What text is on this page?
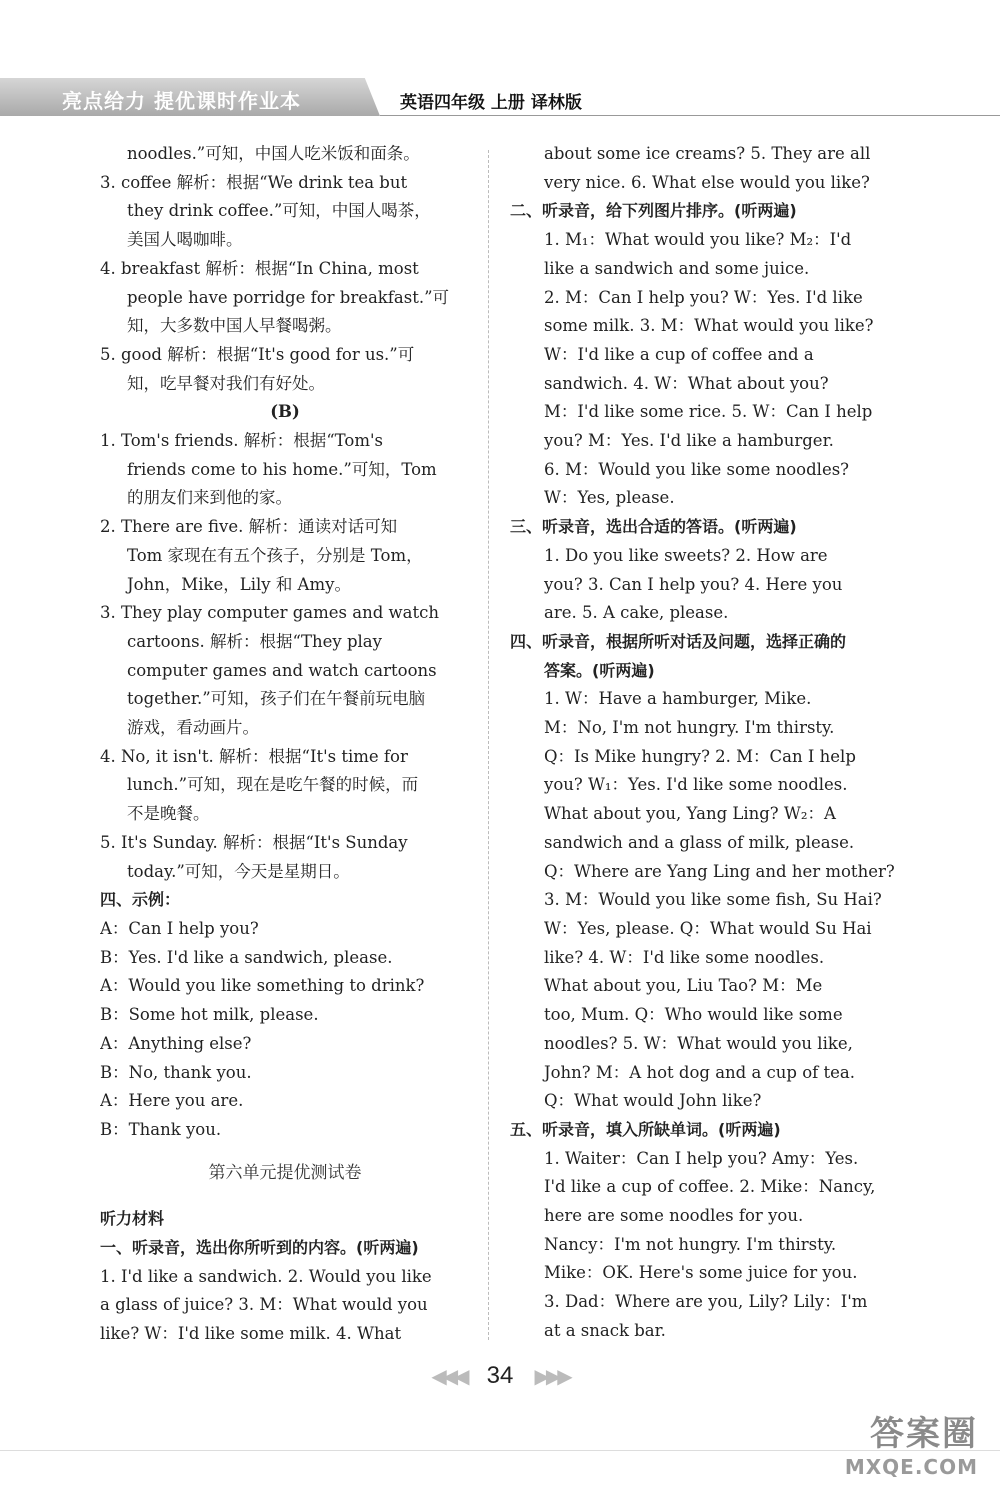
亮点给力 提优课时作业本	英语四年级 上册 译林版
noodles.”可知，中国人吃米饭和面条。
3. coffee 解析：根据“We drink tea but
they drink coffee.”可知，中国人喝茶，
美国人喝咖啡。
4. breakfast 解析：根据“In China, most
people have porridge for breakfast.”可
知，大多数中国人早餐喝粥。
5. good 解析：根据“It's good for us.”可
知，吃早餐对我们有好处。
(B)
1. Tom's friends. 解析：根据“Tom's
friends come to his home.”可知，Tom
的朋友们来到他的家。
2. There are five. 解析：通读对话可知
Tom 家现在有五个孩子，分别是 Tom，
John，Mike，Lily 和 Amy。
3. They play computer games and watch
cartoons. 解析：根据“They play
computer games and watch cartoons
together.”可知，孩子们在午餐前玩电脑
游戏，看动画片。
4. No, it isn't. 解析：根据“It's time for
lunch.”可知，现在是吃午餐的时候，而
不是晚餐。
5. It's Sunday. 解析：根据“It's Sunday
today.”可知，今天是星期日。
四、示例：
A：Can I help you?
B：Yes. I'd like a sandwich, please.
A：Would you like something to drink?
B：Some hot milk, please.
A：Anything else?
B：No, thank you.
A：Here you are.
B：Thank you.
第六单元提优测试卷
听力材料
一、听录音，选出你所听到的内容。(听两遍)
1. I'd like a sandwich. 2. Would you like
a glass of juice? 3. M：What would you
like? W：I'd like some milk. 4. What
about some ice creams? 5. They are all
very nice. 6. What else would you like?
二、听录音，给下列图片排序。(听两遍)
1. M₁：What would you like? M₂：I'd
like a sandwich and some juice.
2. M：Can I help you? W：Yes. I'd like
some milk. 3. M：What would you like?
W：I'd like a cup of coffee and a
sandwich. 4. W：What about you?
M：I'd like some rice. 5. W：Can I help
you? M：Yes. I'd like a hamburger.
6. M：Would you like some noodles?
W：Yes, please.
三、听录音，选出合适的答语。(听两遍)
1. Do you like sweets? 2. How are
you? 3. Can I help you? 4. Here you
are. 5. A cake, please.
四、听录音，根据所听对话及问题，选择正确的
答案。(听两遍)
1. W：Have a hamburger, Mike.
M：No, I'm not hungry. I'm thirsty.
Q：Is Mike hungry? 2. M：Can I help
you? W₁：Yes. I'd like some noodles.
What about you, Yang Ling? W₂：A
sandwich and a glass of milk, please.
Q：Where are Yang Ling and her mother?
3. M：Would you like some fish, Su Hai?
W：Yes, please. Q：What would Su Hai
like? 4. W：I'd like some noodles.
What about you, Liu Tao? M：Me
too, Mum. Q：Who would like some
noodles? 5. W：What would you like,
John? M：A hot dog and a cup of tea.
Q：What would John like?
五、听录音，填入所缺单词。(听两遍)
1. Waiter：Can I help you? Amy：Yes.
I'd like a cup of coffee. 2. Mike：Nancy,
here are some noodles for you.
Nancy：I'm not hungry. I'm thirsty.
Mike：OK. Here's some juice for you.
3. Dad：Where are you, Lily? Lily：I'm
at a snack bar.
◀◀◀ 34 ▶▶▶
答案圈
MXQE.COM
